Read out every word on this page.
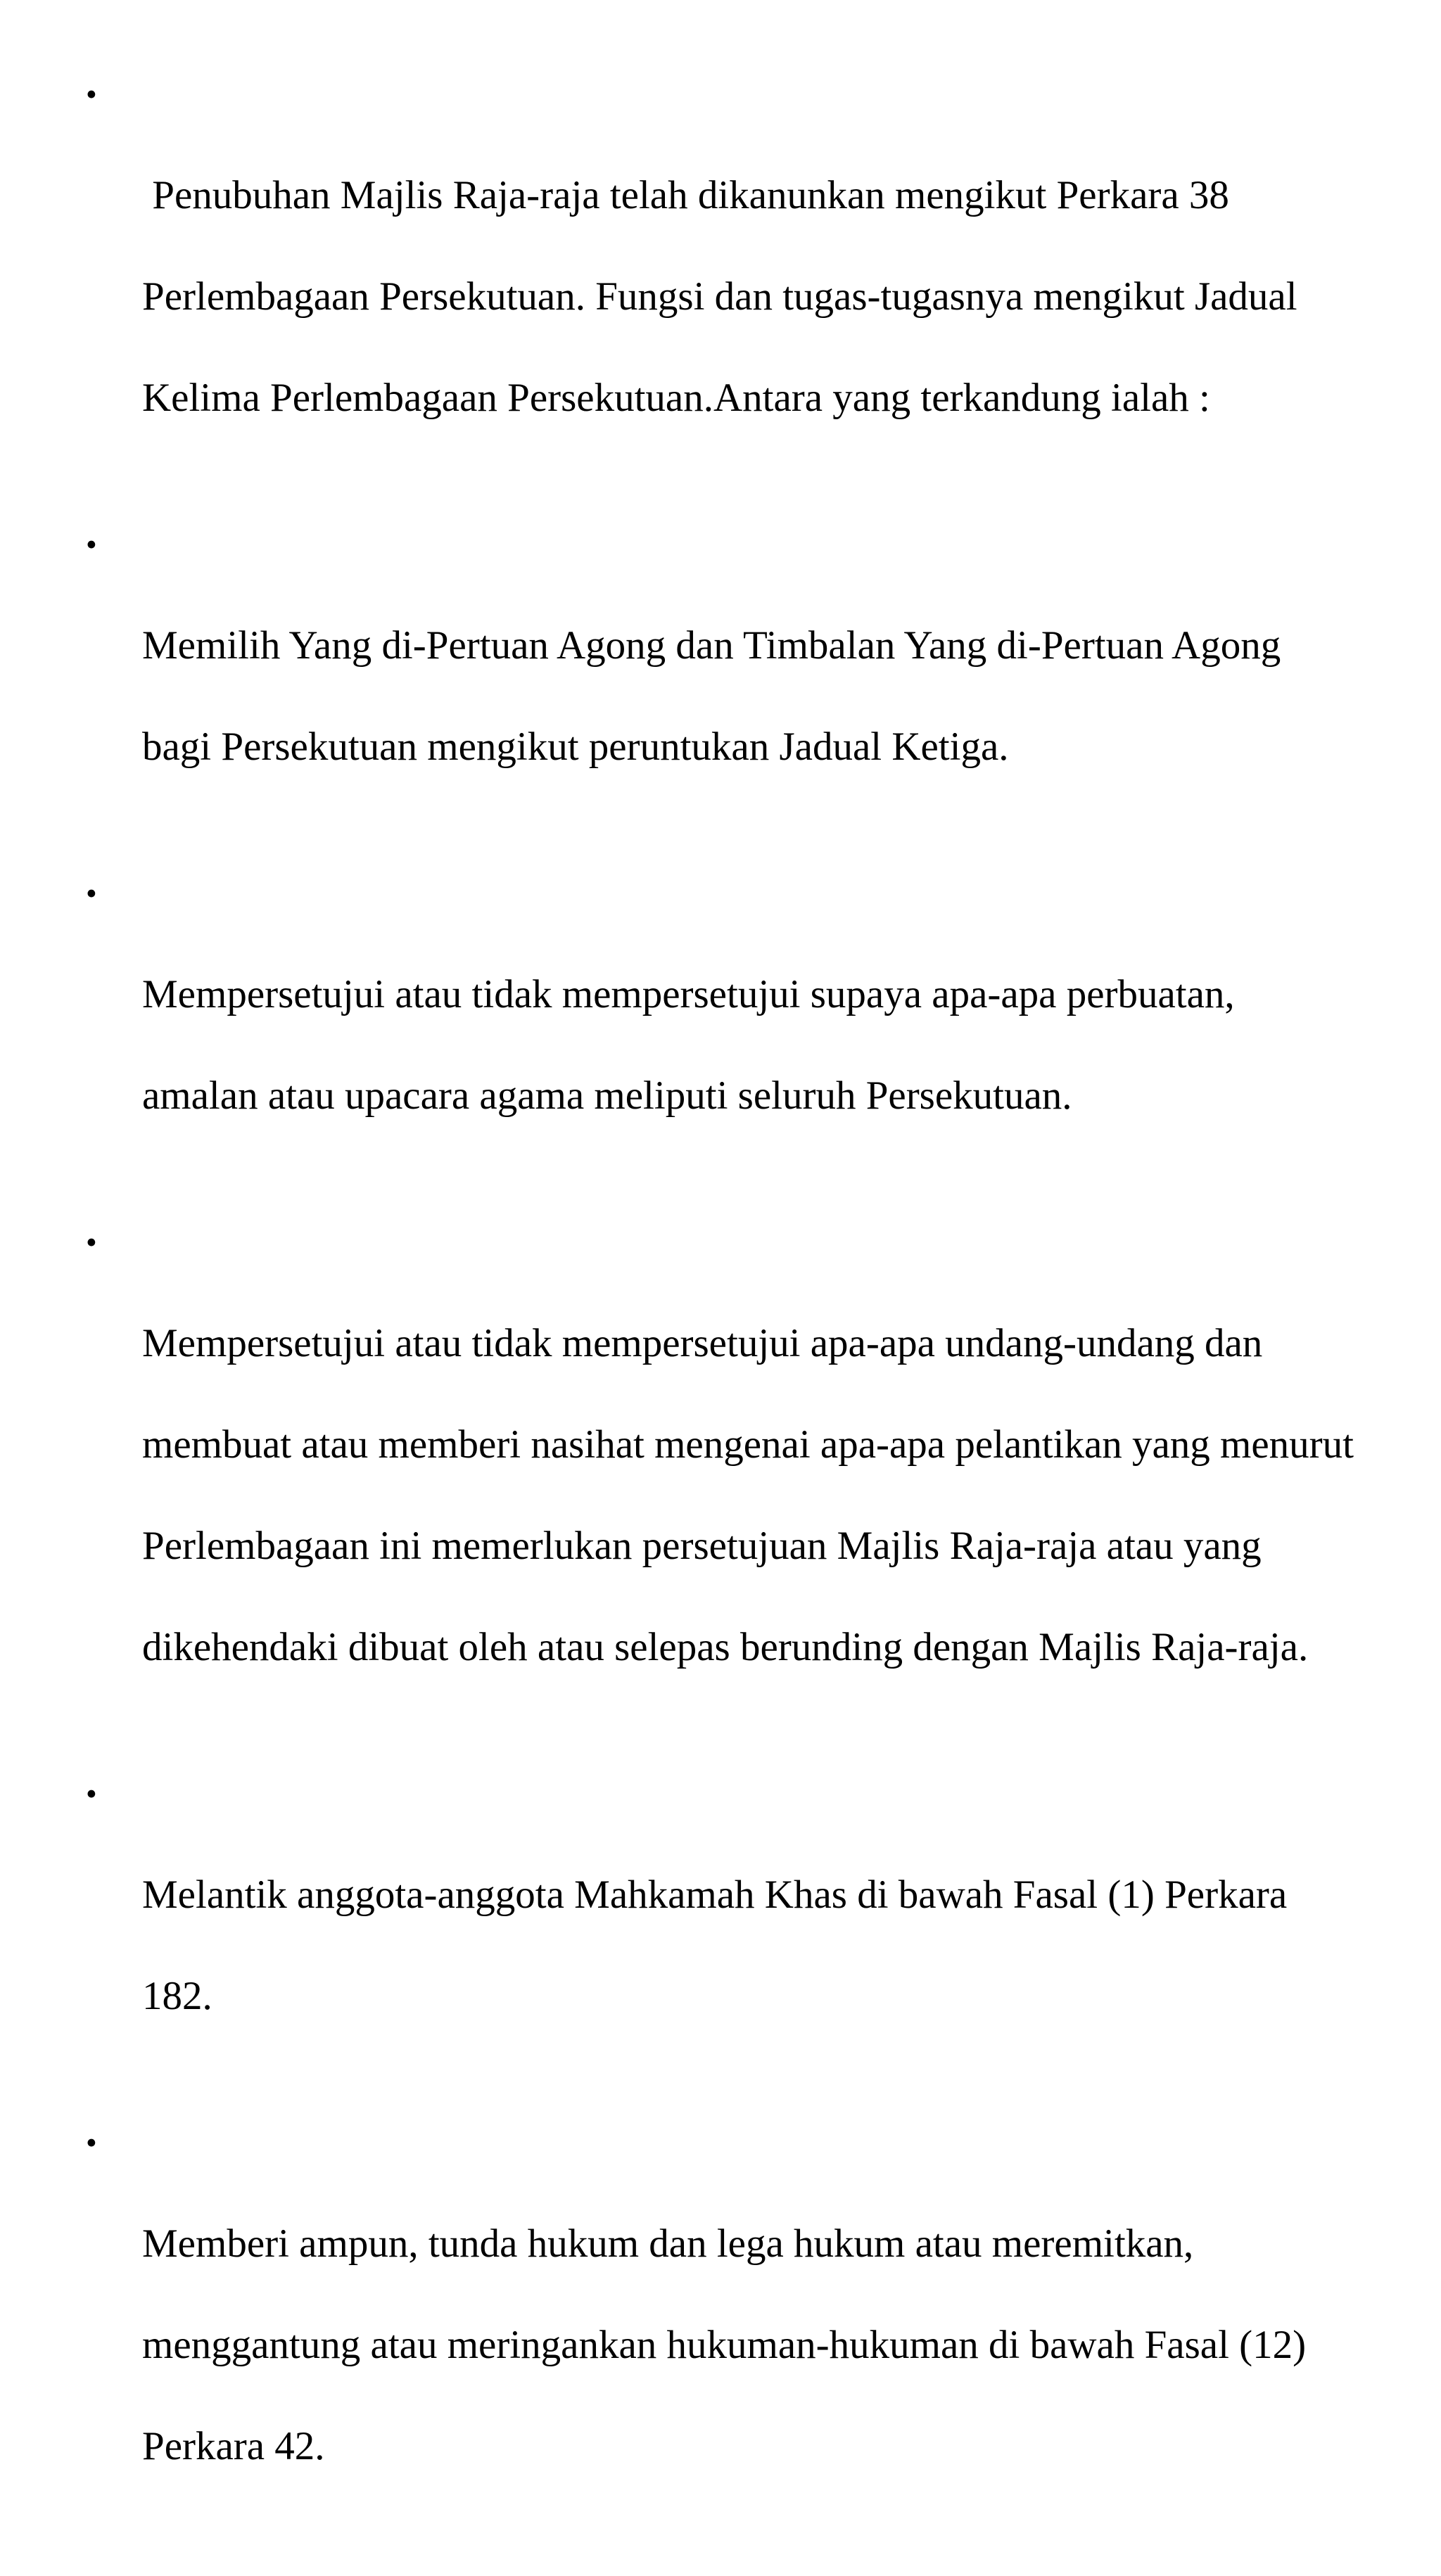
•

Penubuhan Majlis Raja-raja telah dikanunkan mengikut Perkara 38

Perlembagaan Persekutuan. Fungsi dan tugas-tugasnya mengikut Jadual

Kelima Perlembagaan Persekutuan.Antara yang terkandung ialah :

•

Memilih Yang di-Pertuan Agong dan Timbalan Yang di-Pertuan Agong

bagi Persekutuan mengikut peruntukan Jadual Ketiga.

•

Mempersetujui atau tidak mempersetujui supaya apa-apa perbuatan,

amalan atau upacara agama meliputi seluruh Persekutuan.

•

Mempersetujui atau tidak mempersetujui apa-apa undang-undang dan

membuat atau memberi nasihat mengenai apa-apa pelantikan yang menurut

Perlembagaan ini memerlukan persetujuan Majlis Raja-raja atau yang

dikehendaki dibuat oleh atau selepas berunding dengan Majlis Raja-raja.

•

Melantik anggota-anggota Mahkamah Khas di bawah Fasal (1) Perkara

182.

•

Memberi ampun, tunda hukum dan lega hukum atau meremitkan,

menggantung atau meringankan hukuman-hukuman di bawah Fasal (12)

Perkara 42.
